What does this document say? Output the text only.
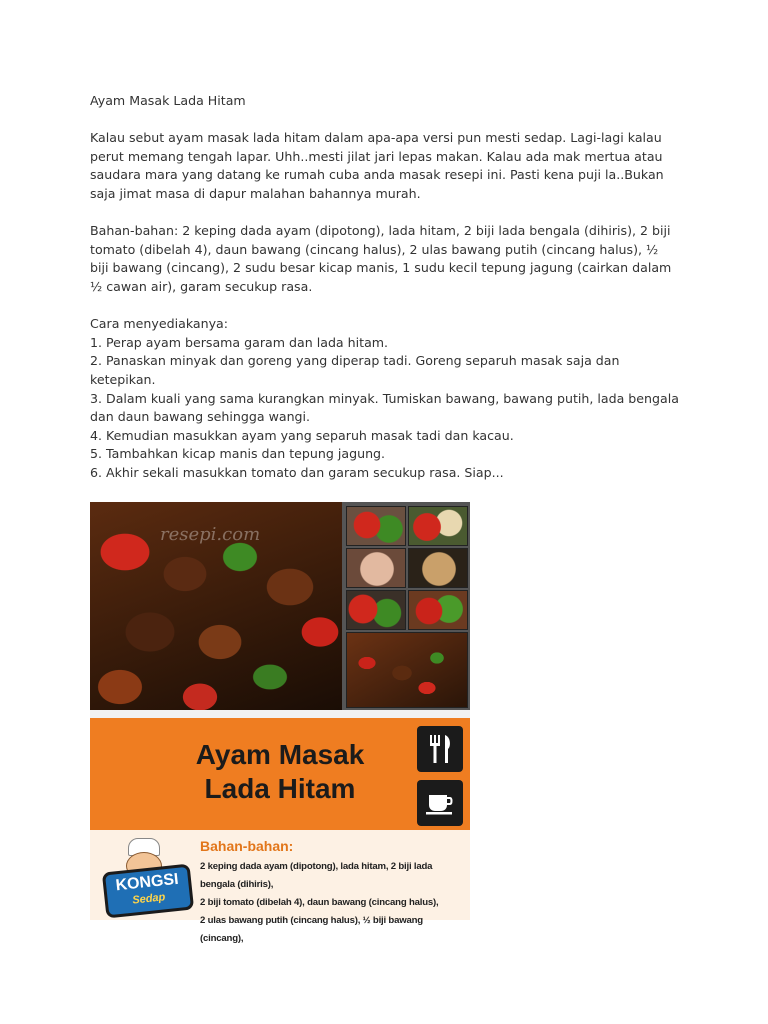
Ayam Masak Lada Hitam

Kalau sebut ayam masak lada hitam dalam apa-apa versi pun mesti sedap. Lagi-lagi kalau perut memang tengah lapar. Uhh..mesti jilat jari lepas makan. Kalau ada mak mertua atau saudara mara yang datang ke rumah cuba anda masak resepi ini. Pasti kena puji la..Bukan saja jimat masa di dapur malahan bahannya murah.

Bahan-bahan: 2 keping dada ayam (dipotong), lada hitam, 2 biji lada bengala (dihiris), 2 biji tomato (dibelah 4), daun bawang (cincang halus), 2 ulas bawang putih (cincang halus), ½ biji bawang (cincang), 2 sudu besar kicap manis, 1 sudu kecil tepung jagung (cairkan dalam ½ cawan air), garam secukup rasa.

Cara menyediakanya:

1. Perap ayam bersama garam dan lada hitam.
2. Panaskan minyak dan goreng yang diperap tadi. Goreng separuh masak saja dan ketepikan.
3. Dalam kuali yang sama kurangkan minyak. Tumiskan bawang, bawang putih, lada bengala dan daun bawang sehingga wangi.
4. Kemudian masukkan ayam yang separuh masak tadi dan kacau.
5. Tambahkan kicap manis dan tepung jagung.
6. Akhir sekali masukkan tomato dan garam secukup rasa. Siap...
resepi.com
Ayam Masak
Lada Hitam
KONGSI
Sedap
Bahan-bahan:
2 keping dada ayam (dipotong), lada hitam, 2 biji lada bengala (dihiris),
2 biji tomato (dibelah 4), daun bawang (cincang halus),
2 ulas bawang putih (cincang halus), ½ biji bawang (cincang),
